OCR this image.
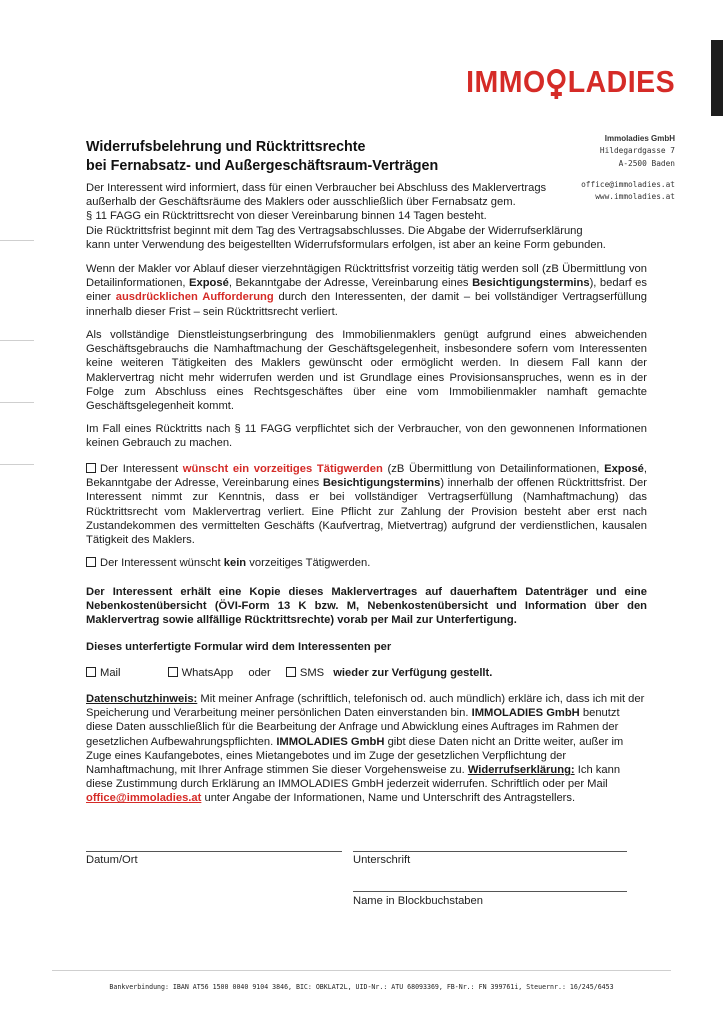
IMMO LADIES
Immoladies GmbH
Hildegardgasse 7
A-2500 Baden
office@immoladies.at
www.immoladies.at
Widerrufsbelehrung und Rücktrittsrechte
bei Fernabsatz- und Außergeschäftsraum-Verträgen
Der Interessent wird informiert, dass für einen Verbraucher bei Abschluss des Maklervertrags
außerhalb der Geschäftsräume des Maklers oder ausschließlich über Fernabsatz gem.
§ 11 FAGG ein Rücktrittsrecht von dieser Vereinbarung binnen 14 Tagen besteht.
Die Rücktrittsfrist beginnt mit dem Tag des Vertragsabschlusses. Die Abgabe der Widerrufserklärung
kann unter Verwendung des beigestellten Widerrufsformulars erfolgen, ist aber an keine Form gebunden.
Wenn der Makler vor Ablauf dieser vierzehntägigen Rücktrittsfrist vorzeitig tätig werden soll (zB Übermittlung von Detailinformationen, Exposé, Bekanntgabe der Adresse, Vereinbarung eines Besichtigungstermins), bedarf es einer ausdrücklichen Aufforderung durch den Interessenten, der damit – bei vollständiger Vertragserfüllung innerhalb dieser Frist – sein Rücktrittsrecht verliert.
Als vollständige Dienstleistungserbringung des Immobilienmaklers genügt aufgrund eines abweichenden Geschäftsgebrauchs die Namhaftmachung der Geschäftsgelegenheit, insbesondere sofern vom Interessenten keine weiteren Tätigkeiten des Maklers gewünscht oder ermöglicht werden. In diesem Fall kann der Maklervertrag nicht mehr widerrufen werden und ist Grundlage eines Provisionsanspruches, wenn es in der Folge zum Abschluss eines Rechtsgeschäftes über eine vom Immobilienmakler namhaft gemachte Geschäftsgelegenheit kommt.
Im Fall eines Rücktritts nach § 11 FAGG verpflichtet sich der Verbraucher, von den gewonnenen Informationen keinen Gebrauch zu machen.
Der Interessent wünscht ein vorzeitiges Tätigwerden (zB Übermittlung von Detailinformationen, Exposé, Bekanntgabe der Adresse, Vereinbarung eines Besichtigungstermins) innerhalb der offenen Rücktrittsfrist. Der Interessent nimmt zur Kenntnis, dass er bei vollständiger Vertragserfüllung (Namhaftmachung) das Rücktrittsrecht vom Maklervertrag verliert. Eine Pflicht zur Zahlung der Provision besteht aber erst nach Zustandekommen des vermittelten Geschäfts (Kaufvertrag, Mietvertrag) aufgrund der verdienstlichen, kausalen Tätigkeit des Maklers.
Der Interessent wünscht kein vorzeitiges Tätigwerden.
Der Interessent erhält eine Kopie dieses Maklervertrages auf dauerhaftem Datenträger und eine Nebenkostenübersicht (ÖVI-Form 13 K bzw. M, Nebenkostenübersicht und Information über den Maklervertrag sowie allfällige Rücktrittsrechte) vorab per Mail zur Unterfertigung.
Dieses unterfertigte Formular wird dem Interessenten per
Mail	WhatsApp oder	SMS wieder zur Verfügung gestellt.
Datenschutzhinweis: Mit meiner Anfrage (schriftlich, telefonisch od. auch mündlich) erkläre ich, dass ich mit der Speicherung und Verarbeitung meiner persönlichen Daten einverstanden bin. IMMOLADIES GmbH benutzt diese Daten ausschließlich für die Bearbeitung der Anfrage und Abwicklung eines Auftrages im Rahmen der gesetzlichen Aufbewahrungspflichten. IMMOLADIES GmbH gibt diese Daten nicht an Dritte weiter, außer im Zuge eines Kaufangebotes, eines Mietangebotes und im Zuge der gesetzlichen Verpflichtung der Namhaftmachung, mit Ihrer Anfrage stimmen Sie dieser Vorgehensweise zu. Widerrufserklärung: Ich kann diese Zustimmung durch Erklärung an IMMOLADIES GmbH jederzeit widerrufen. Schriftlich oder per Mail office@immoladies.at unter Angabe der Informationen, Name und Unterschrift des Antragstellers.
Datum/Ort	Unterschrift
Name in Blockbuchstaben
Bankverbindung: IBAN AT56 1500 0040 9104 3846, BIC: OBKLAT2L, UID-Nr.: ATU 68093369, FB-Nr.: FN 399761i, Steuernr.: 16/245/6453
